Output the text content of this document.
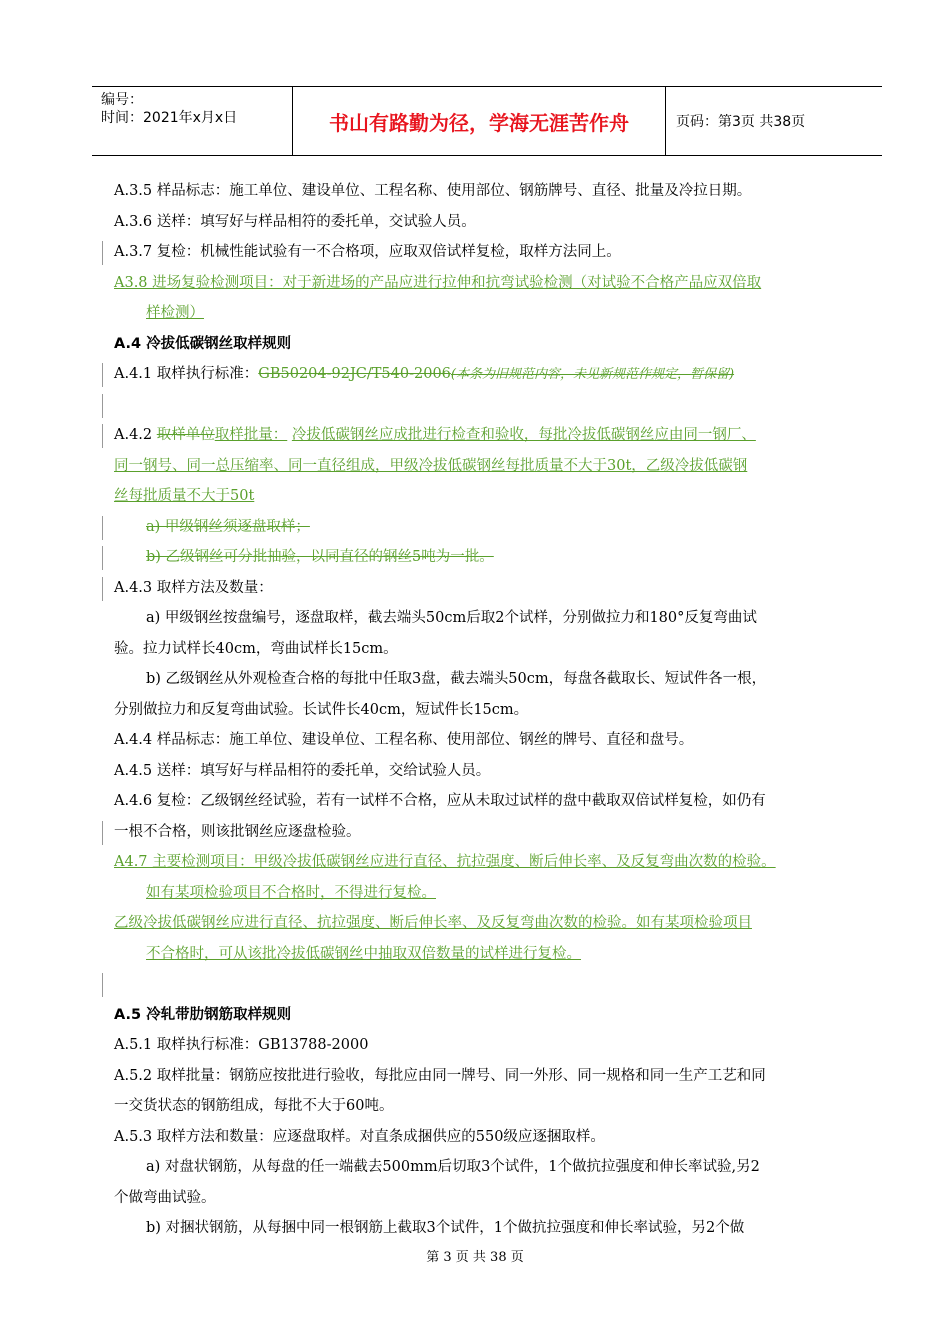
编号：
时间：2021年x月x日	书山有路勤为径，学海无涯苦作舟	页码：第3页 共38页
A.3.5 样品标志：施工单位、建设单位、工程名称、使用部位、钢筋牌号、直径、批量及冷拉日期。
A.3.6 送样：填写好与样品相符的委托单，交试验人员。
A.3.7 复检：机械性能试验有一不合格项，应取双倍试样复检，取样方法同上。
A3.8 进场复验检测项目：对于新进场的产品应进行拉伸和抗弯试验检测（对试验不合格产品应双倍取
样检测）
A.4 冷拔低碳钢丝取样规则
A.4.1 取样执行标准：GB50204-92JC/T540-2006(本条为旧规范内容，未见新规范作规定，暂保留)
A.4.2 取样单位取样批量： 冷拔低碳钢丝应成批进行检查和验收，每批冷拔低碳钢丝应由同一钢厂、
同一钢号、同一总压缩率、同一直径组成，甲级冷拔低碳钢丝每批质量不大于30t，乙级冷拔低碳钢
丝每批质量不大于50t
a) 甲级钢丝须逐盘取样；
b) 乙级钢丝可分批抽验，以同直径的钢丝5吨为一批。
A.4.3 取样方法及数量：
a) 甲级钢丝按盘编号，逐盘取样，截去端头50cm后取2个试样，分别做拉力和180°反复弯曲试
验。拉力试样长40cm，弯曲试样长15cm。
b) 乙级钢丝从外观检查合格的每批中任取3盘，截去端头50cm，每盘各截取长、短试件各一根，
分别做拉力和反复弯曲试验。长试件长40cm，短试件长15cm。
A.4.4 样品标志：施工单位、建设单位、工程名称、使用部位、钢丝的牌号、直径和盘号。
A.4.5 送样：填写好与样品相符的委托单，交给试验人员。
A.4.6 复检：乙级钢丝经试验，若有一试样不合格，应从未取过试样的盘中截取双倍试样复检，如仍有
一根不合格，则该批钢丝应逐盘检验。
A4.7 主要检测项目：甲级冷拔低碳钢丝应进行直径、抗拉强度、断后伸长率、及反复弯曲次数的检验。
如有某项检验项目不合格时，不得进行复检。
乙级冷拔低碳钢丝应进行直径、抗拉强度、断后伸长率、及反复弯曲次数的检验。如有某项检验项目
不合格时，可从该批冷拔低碳钢丝中抽取双倍数量的试样进行复检。
A.5 冷轧带肋钢筋取样规则
A.5.1 取样执行标准：GB13788-2000
A.5.2 取样批量：钢筋应按批进行验收，每批应由同一牌号、同一外形、同一规格和同一生产工艺和同
一交货状态的钢筋组成，每批不大于60吨。
A.5.3 取样方法和数量：应逐盘取样。对直条成捆供应的550级应逐捆取样。
a) 对盘状钢筋，从每盘的任一端截去500mm后切取3个试件，1个做抗拉强度和伸长率试验,另2
个做弯曲试验。
b) 对捆状钢筋，从每捆中同一根钢筋上截取3个试件，1个做抗拉强度和伸长率试验，另2个做
第 3 页 共 38 页
